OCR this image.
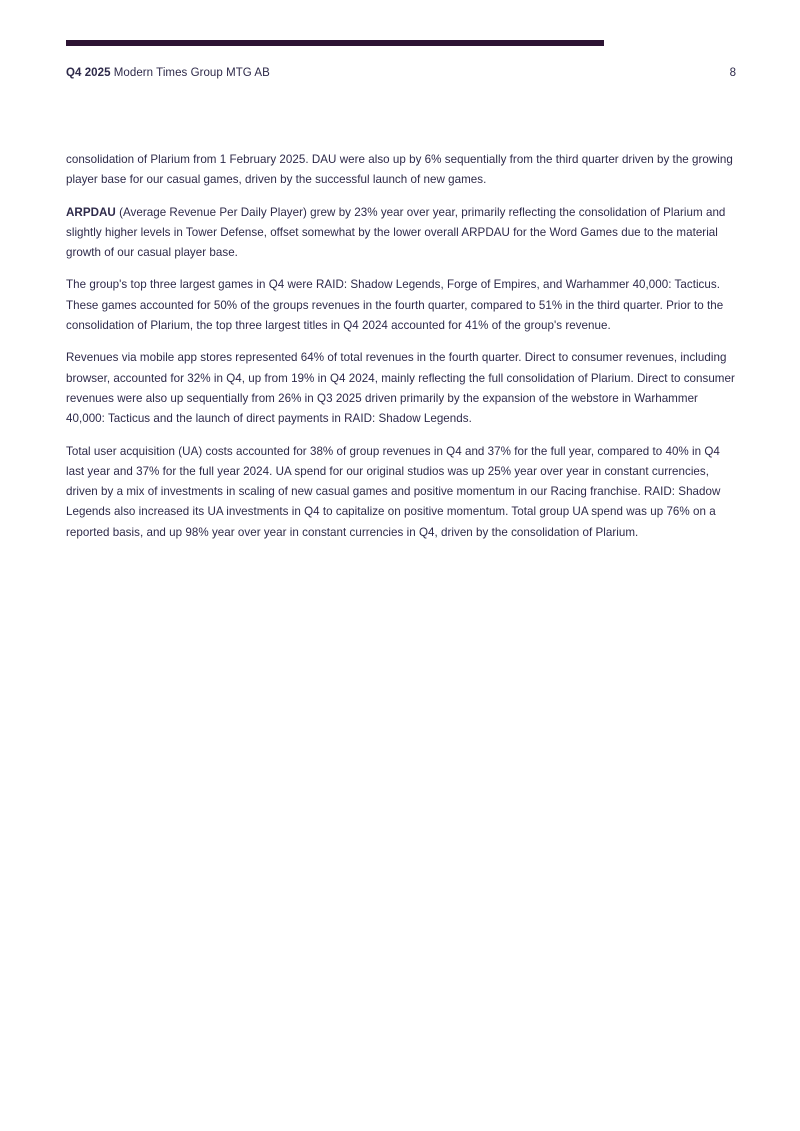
Q4 2025 Modern Times Group MTG AB	8

consolidation of Plarium from 1 February 2025. DAU were also up by 6% sequentially from the third quarter driven by the growing player base for our casual games, driven by the successful launch of new games.

ARPDAU (Average Revenue Per Daily Player) grew by 23% year over year, primarily reflecting the consolidation of Plarium and slightly higher levels in Tower Defense, offset somewhat by the lower overall ARPDAU for the Word Games due to the material growth of our casual player base.

The group's top three largest games in Q4 were RAID: Shadow Legends, Forge of Empires, and Warhammer 40,000: Tacticus. These games accounted for 50% of the groups revenues in the fourth quarter, compared to 51% in the third quarter. Prior to the consolidation of Plarium, the top three largest titles in Q4 2024 accounted for 41% of the group's revenue.

Revenues via mobile app stores represented 64% of total revenues in the fourth quarter. Direct to consumer revenues, including browser, accounted for 32% in Q4, up from 19% in Q4 2024, mainly reflecting the full consolidation of Plarium. Direct to consumer revenues were also up sequentially from 26% in Q3 2025 driven primarily by the expansion of the webstore in Warhammer 40,000: Tacticus and the launch of direct payments in RAID: Shadow Legends.

Total user acquisition (UA) costs accounted for 38% of group revenues in Q4 and 37% for the full year, compared to 40% in Q4 last year and 37% for the full year 2024. UA spend for our original studios was up 25% year over year in constant currencies, driven by a mix of investments in scaling of new casual games and positive momentum in our Racing franchise. RAID: Shadow Legends also increased its UA investments in Q4 to capitalize on positive momentum. Total group UA spend was up 76% on a reported basis, and up 98% year over year in constant currencies in Q4, driven by the consolidation of Plarium.
